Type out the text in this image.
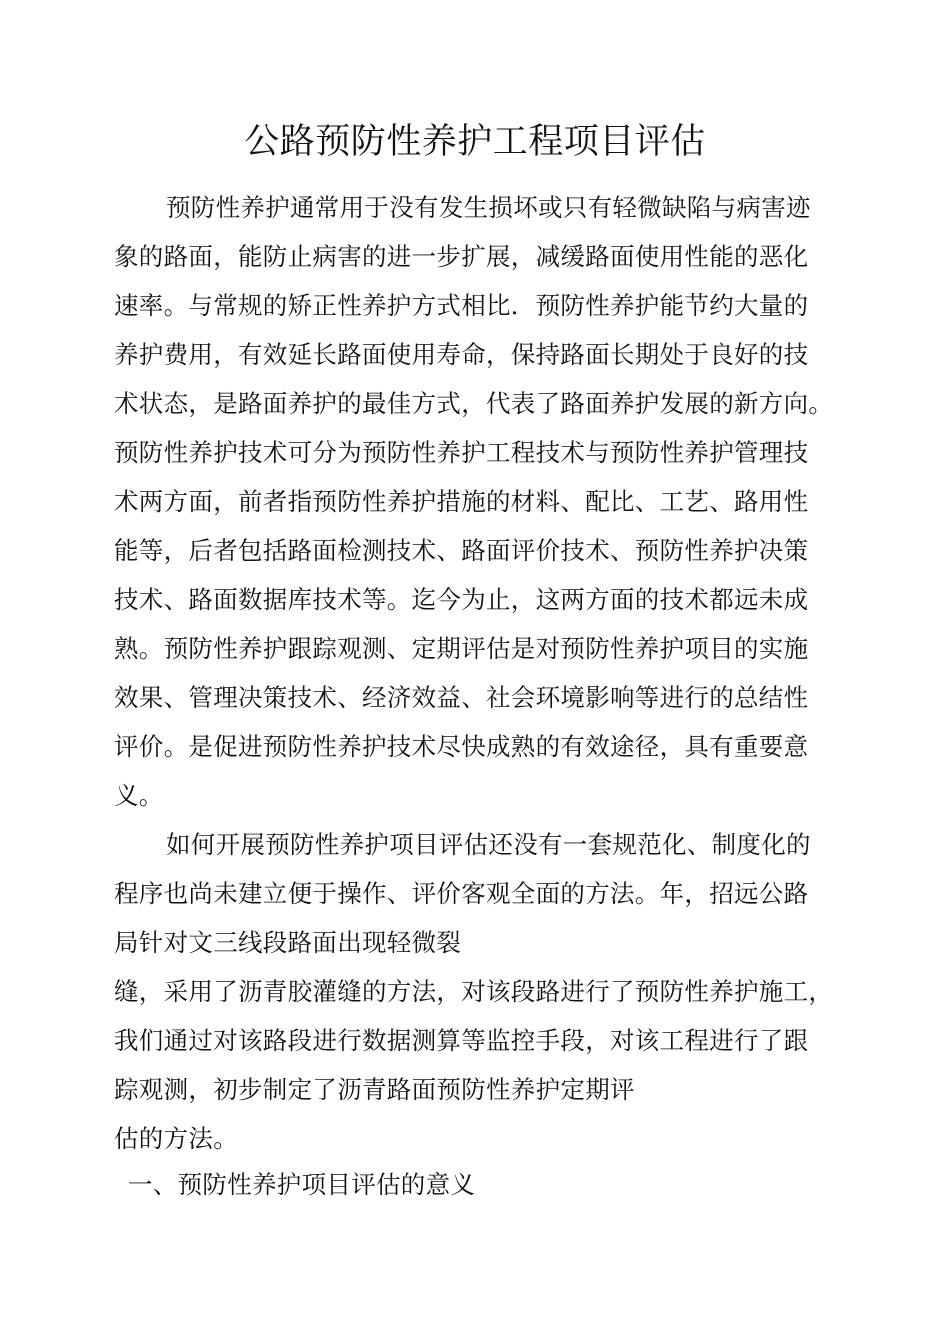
公路预防性养护工程项目评估
预防性养护通常用于没有发生损坏或只有轻微缺陷与病害迹
象的路面，能防止病害的进一步扩展，减缓路面使用性能的恶化
速率。与常规的矫正性养护方式相比．预防性养护能节约大量的
养护费用，有效延长路面使用寿命，保持路面长期处于良好的技
术状态，是路面养护的最佳方式，代表了路面养护发展的新方向。
预防性养护技术可分为预防性养护工程技术与预防性养护管理技
术两方面，前者指预防性养护措施的材料、配比、工艺、路用性
能等，后者包括路面检测技术、路面评价技术、预防性养护决策
技术、路面数据库技术等。迄今为止，这两方面的技术都远未成
熟。预防性养护跟踪观测、定期评估是对预防性养护项目的实施
效果、管理决策技术、经济效益、社会环境影响等进行的总结性
评价。是促进预防性养护技术尽快成熟的有效途径，具有重要意
义。
如何开展预防性养护项目评估还没有一套规范化、制度化的
程序也尚未建立便于操作、评价客观全面的方法。年，招远公路
局针对文三线段路面出现轻微裂
缝，采用了沥青胶灌缝的方法，对该段路进行了预防性养护施工，
我们通过对该路段进行数据测算等监控手段，对该工程进行了跟
踪观测，初步制定了沥青路面预防性养护定期评
估的方法。
一、预防性养护项目评估的意义
